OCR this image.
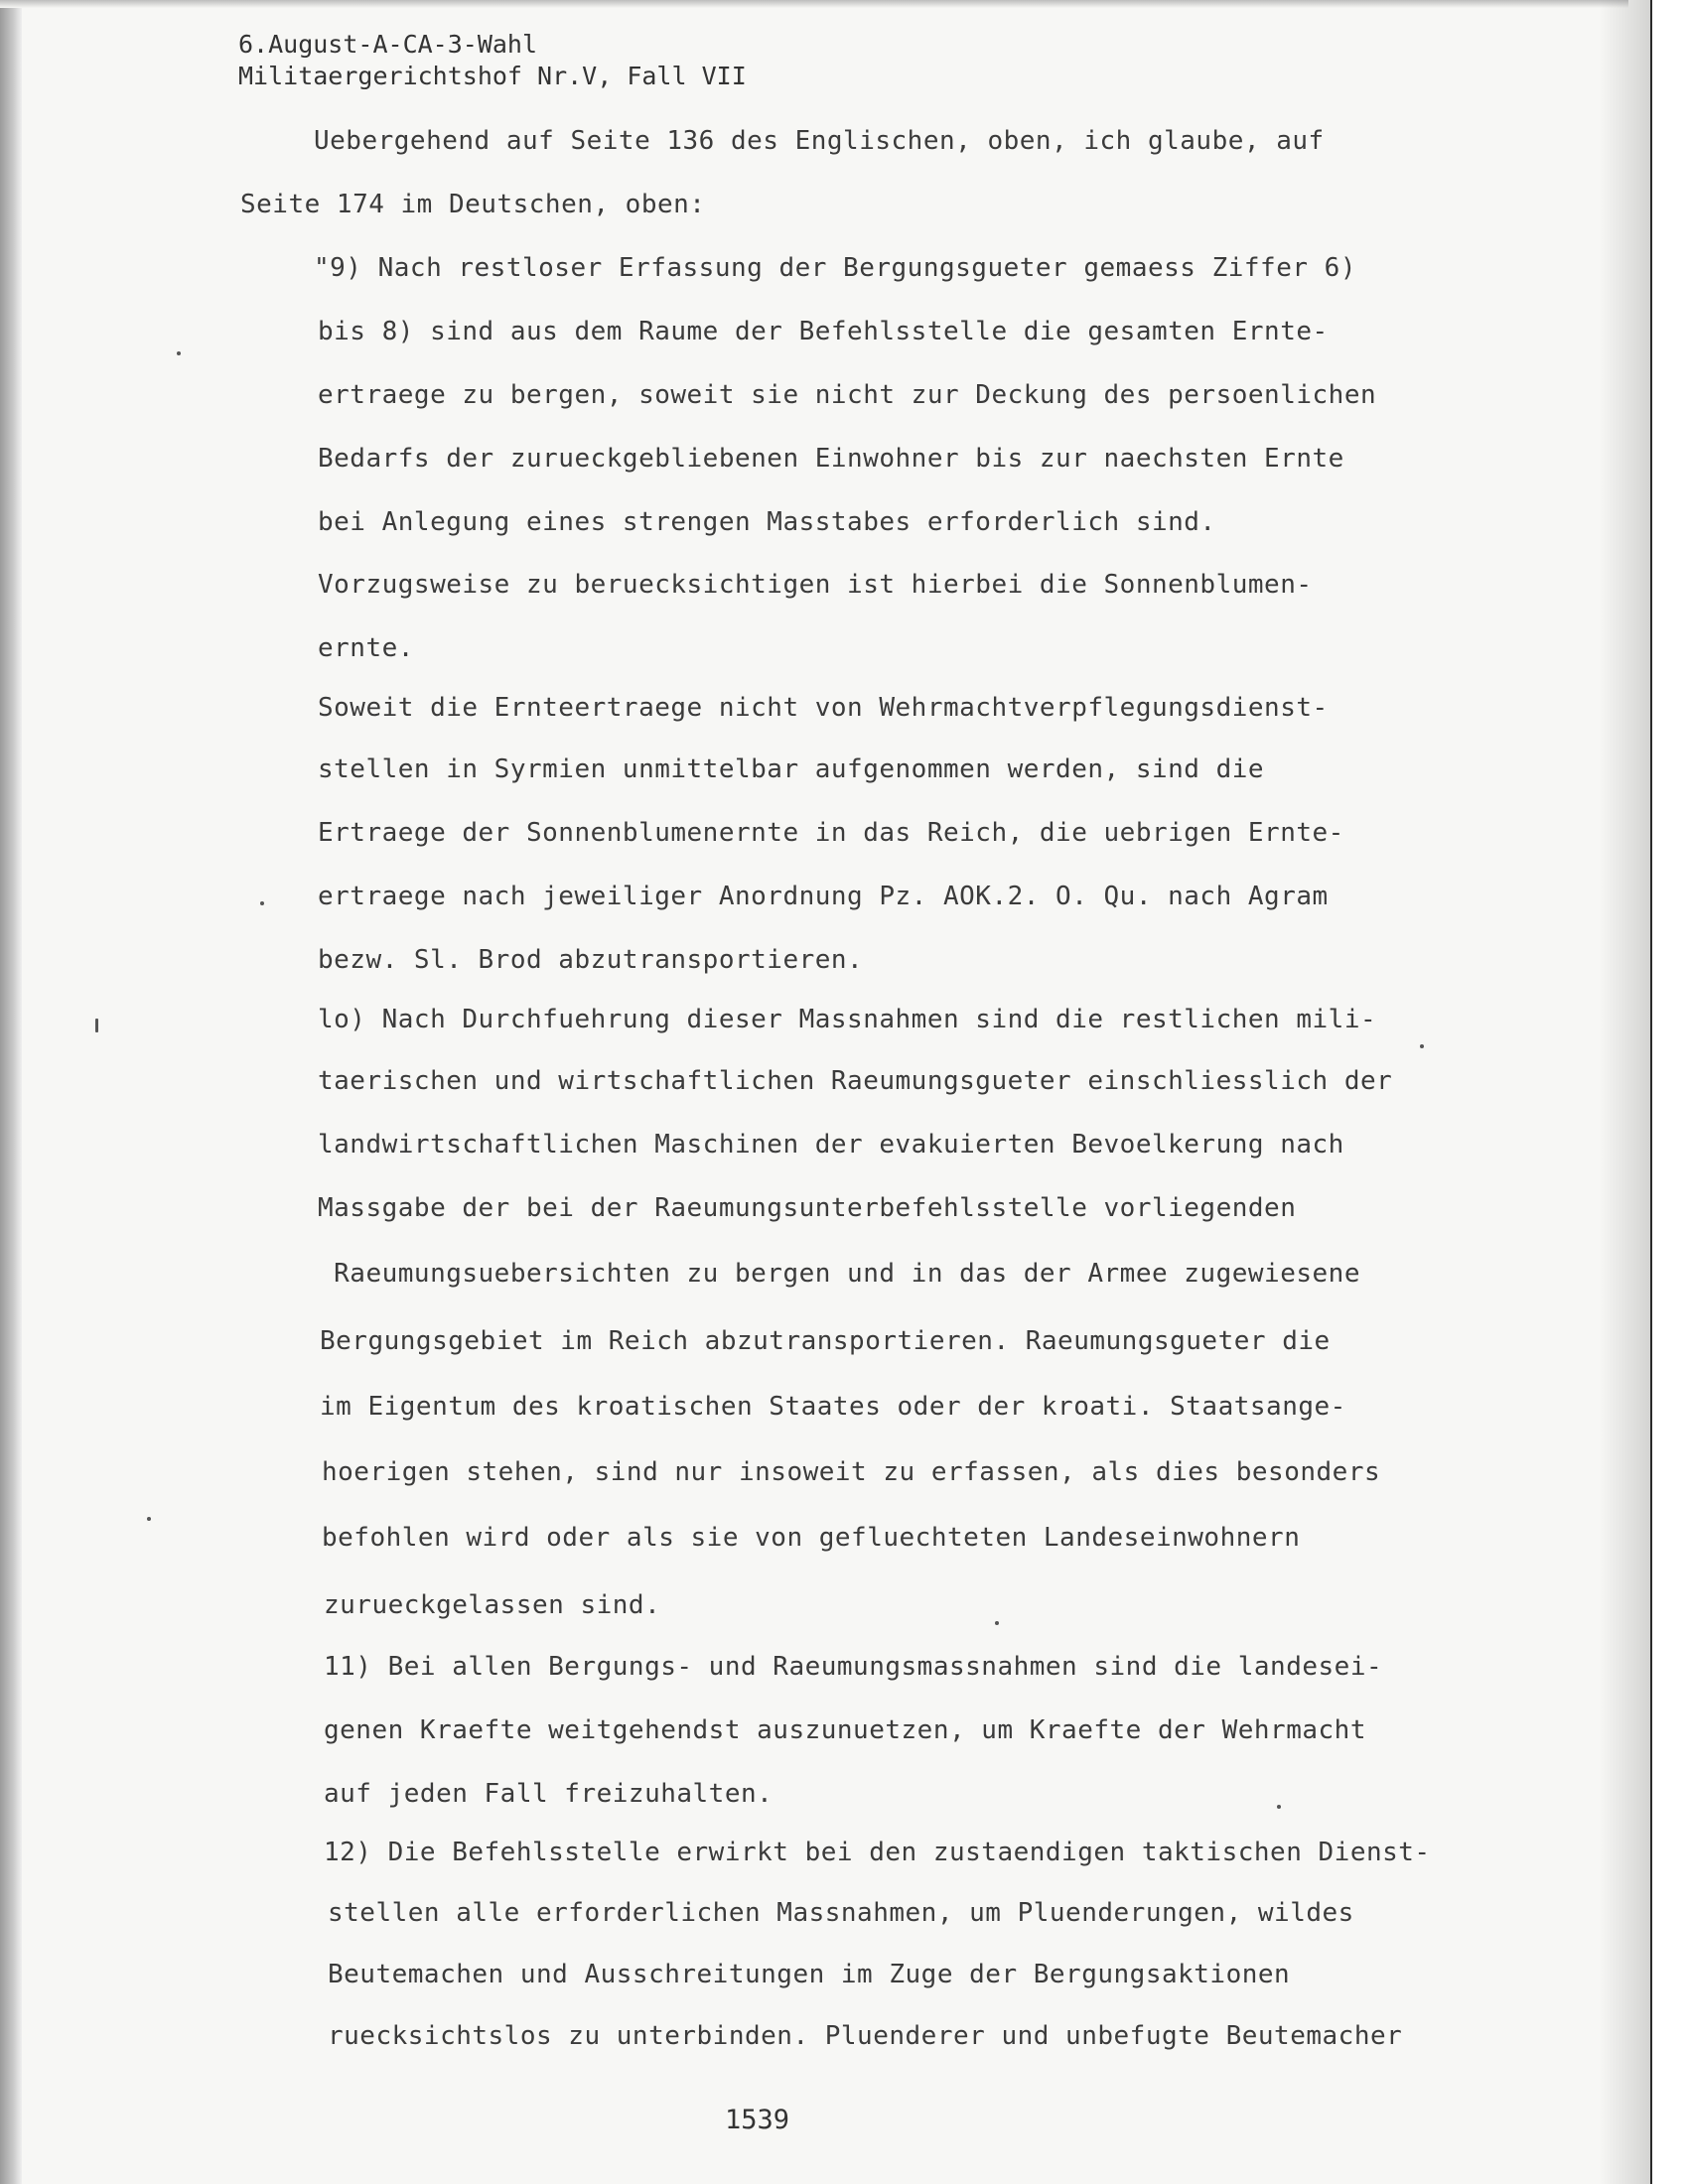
6.August-A-CA-3-Wahl
Militaergerichtshof Nr.V, Fall VII
Uebergehend auf Seite 136 des Englischen, oben, ich glaube, auf
Seite 174 im Deutschen, oben:
"9) Nach restloser Erfassung der Bergungsgueter gemaess Ziffer 6)
bis 8) sind aus dem Raume der Befehlsstelle die gesamten Ernte-
ertraege zu bergen, soweit sie nicht zur Deckung des persoenlichen
Bedarfs der zurueckgebliebenen Einwohner bis zur naechsten Ernte
bei Anlegung eines strengen Masstabes erforderlich sind.
Vorzugsweise zu beruecksichtigen ist hierbei die Sonnenblumen-
ernte.
Soweit die Ernteertraege nicht von Wehrmachtverpflegungsdienst-
stellen in Syrmien unmittelbar aufgenommen werden, sind die
Ertraege der Sonnenblumenernte in das Reich, die uebrigen Ernte-
ertraege nach jeweiliger Anordnung Pz. AOK.2. O. Qu. nach Agram
bezw. Sl. Brod abzutransportieren.
lo) Nach Durchfuehrung dieser Massnahmen sind die restlichen mili-
taerischen und wirtschaftlichen Raeumungsgueter einschliesslich der
landwirtschaftlichen Maschinen der evakuierten Bevoelkerung nach
Massgabe der bei der Raeumungsunterbefehlsstelle vorliegenden
Raeumungsuebersichten zu bergen und in das der Armee zugewiesene
Bergungsgebiet im Reich abzutransportieren. Raeumungsgueter die
im Eigentum des kroatischen Staates oder der kroati. Staatsange-
hoerigen stehen, sind nur insoweit zu erfassen, als dies besonders
befohlen wird oder als sie von gefluechteten Landeseinwohnern
zurueckgelassen sind.
11) Bei allen Bergungs- und Raeumungsmassnahmen sind die landesei-
genen Kraefte weitgehendst auszunuetzen, um Kraefte der Wehrmacht
auf jeden Fall freizuhalten.
12) Die Befehlsstelle erwirkt bei den zustaendigen taktischen Dienst-
stellen alle erforderlichen Massnahmen, um Pluenderungen, wildes
Beutemachen und Ausschreitungen im Zuge der Bergungsaktionen
ruecksichtslos zu unterbinden. Pluenderer und unbefugte Beutemacher
1539
